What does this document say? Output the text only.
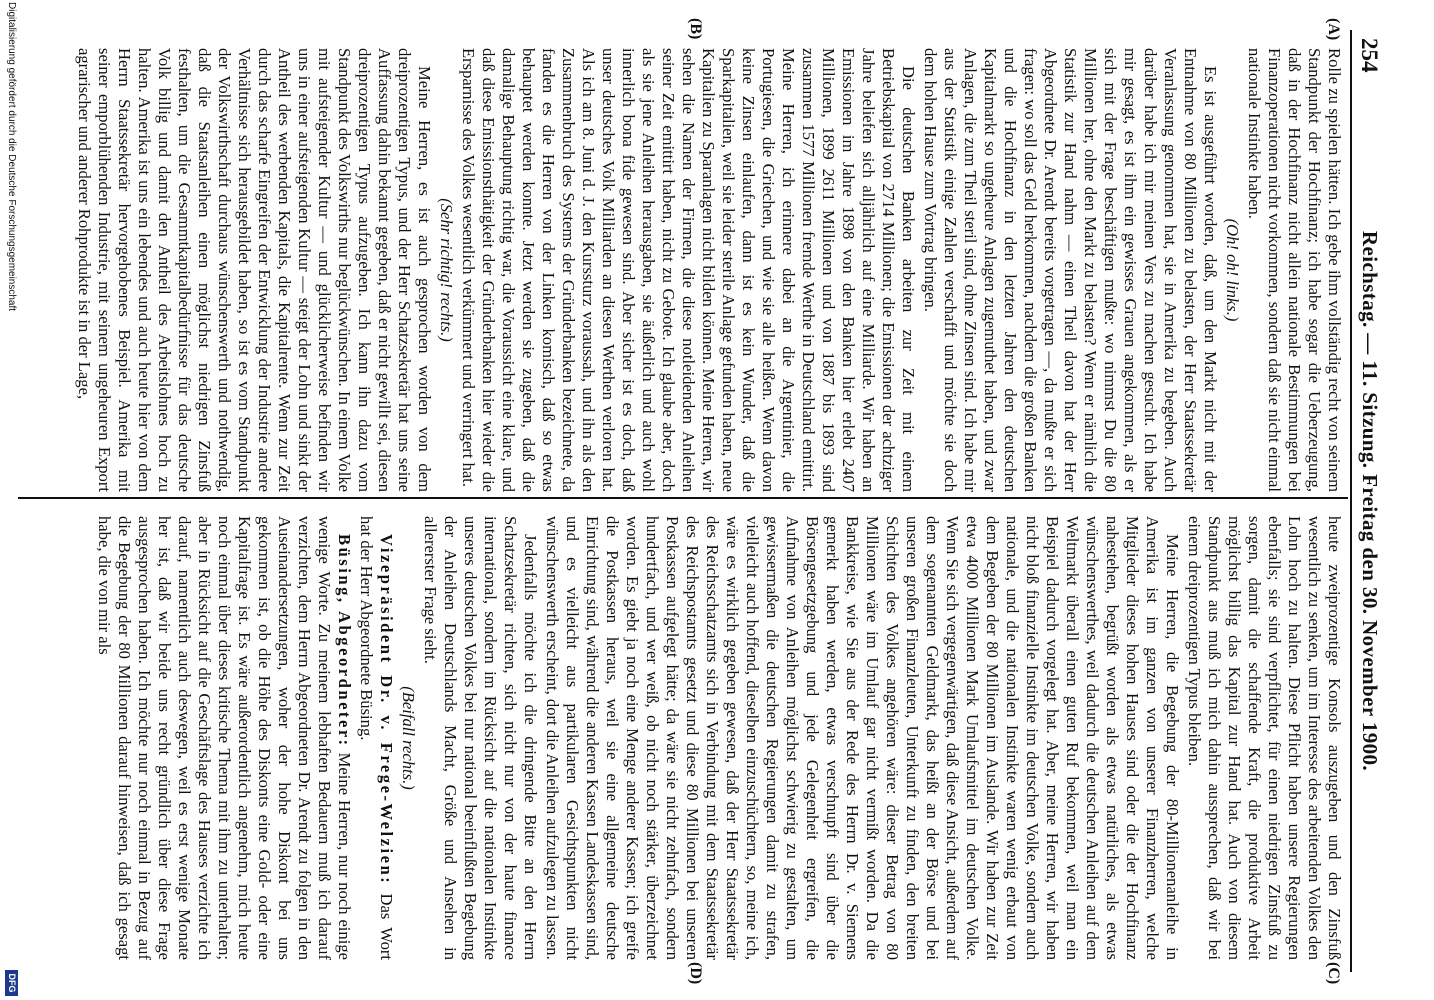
254
Reichstag. — 11. Sitzung. Freitag den 30. November 1900.
(A)
(B)
(C)
(D)

Rolle zu spielen hätten. Ich gebe ihm vollständig recht von seinem Standpunkt der Hochfinanz; ich habe sogar die Ueberzeugung, daß in der Hochfinanz nicht allein nationale Bestimmungen bei Finanzoperationen nicht vorkommen, sondern daß sie nicht einmal nationale Instinkte haben.

(Oh! oh! links.)

Es ist ausgeführt worden, daß, um den Markt nicht mit der Entnahme von 80 Millionen zu belasten, der Herr Staatssekretär Veranlassung genommen hat, sie in Amerika zu begeben. Auch darüber habe ich mir meinen Vers zu machen gesucht. Ich habe mir gesagt, es ist ihm ein gewisses Grauen angekommen, als er sich mit der Frage beschäftigen mußte: wo nimmst Du die 80 Millionen her, ohne den Markt zu belasten? Wenn er nämlich die Statistik zur Hand nahm — einen Theil davon hat der Herr Abgeordnete Dr. Arendt bereits vorgetragen —, da mußte er sich fragen: wo soll das Geld herkommen, nachdem die großen Banken und die Hochfinanz in den letzten Jahren den deutschen Kapitalmarkt so ungeheure Anlagen zugemuthet haben, und zwar Anlagen, die zum Theil steril sind, ohne Zinsen sind. Ich habe mir aus der Statistik einige Zahlen verschafft und möchte sie doch dem hohen Hause zum Vortrag bringen.

Die deutschen Banken arbeiten zur Zeit mit einem Betriebskapital von 2714 Millionen; die Emissionen der achtziger Jahre beliefen sich alljährlich auf eine Milliarde. Wir haben an Emissionen im Jahre 1898 von den Banken hier erlebt 2407 Millionen, 1899 2611 Millionen und von 1887 bis 1893 sind zusammen 1577 Millionen fremde Werthe in Deutschland emittirt. Meine Herren, ich erinnere dabei an die Argentinier, die Portugiesen, die Griechen, und wie sie alle heißen. Wenn davon keine Zinsen einlaufen, dann ist es kein Wunder, daß die Sparkapitalien, weil sie leider sterile Anlage gefunden haben, neue Kapitalien zu Sparanlagen nicht bilden können. Meine Herren, wir sehen die Namen der Firmen, die diese notleidenden Anleihen seiner Zeit emittirt haben, nicht zu Gebote. Ich glaube aber, doch als sie jene Anleihen herausgaben, sie äußerlich und auch wohl innerlich bona fide gewesen sind. Aber sicher ist es doch, daß unser deutsches Volk Milliarden an diesen Werthen verloren hat. Als ich am 8. Juni d. J. den Kurssturz voraussah, und ihn als den Zusammenbruch des Systems der Gründerbanken bezeichnete, da fanden es die Herren von der Linken komisch, daß so etwas behauptet werden konnte. Jetzt werden sie zugeben, daß die damalige Behauptung richtig war, die Voraussicht eine klare, und daß diese Emissionsthätigkeit der Gründerbanken hier wieder die Ersparnisse des Volkes wesentlich verkümmert und verringert hat.

(Sehr richtig! rechts.)

Meine Herren, es ist auch gesprochen worden von dem dreiprozentigen Typus, und der Herr Schatzsekretär hat uns seine Auffassung dahin bekannt gegeben, daß er nicht gewillt sei, diesen dreiprozentigen Typus aufzugeben. Ich kann ihn dazu vom Standpunkt des Volkswirths nur beglückwünschen. In einem Volke mit aufsteigender Kultur — und glücklicherweise befinden wir uns in einer aufsteigenden Kultur — steigt der Lohn und sinkt der Antheil des werbenden Kapitals, die Kapitalrente. Wenn zur Zeit durch das scharfe Eingreifen der Entwicklung der Industrie andere Verhältnisse sich herausgebildet haben, so ist es vom Standpunkt der Volkswirthschaft durchaus wünschenswerth und nothwendig, daß die Staatsanleihen einen möglichst niedrigen Zinsfuß festhalten, um die Gesammtkapitalbedürfnisse für das deutsche Volk billig und damit den Antheil des Arbeitslohnes hoch zu halten. Amerika ist uns ein lebendes und auch heute hier von dem Herrn Staatssekretär hervorgehobenes Beispiel. Amerika mit seiner emporblühenden Industrie, mit seinem ungeheuren Export agrarischer und anderer Rohprodukte ist in der Lage,

heute zweiprozentige Konsols auszugeben und den Zinsfuß wesentlich zu senken, um im Interesse des arbeitenden Volkes den Lohn hoch zu halten. Diese Pflicht haben unsere Regierungen ebenfalls; sie sind verpflichtet, für einen niedrigen Zinsfuß zu sorgen, damit die schaffende Kraft, die produktive Arbeit möglichst billig das Kapital zur Hand hat. Auch von diesem Standpunkt aus muß ich mich dahin aussprechen, daß wir bei einem dreiprozentigen Typus bleiben.

Meine Herren, die Begebung der 80-Millionenanleihe in Amerika ist im ganzen von unserer Finanzherren, welche Mitglieder dieses hohen Hauses sind oder die der Hochfinanz nahestehen, begrüßt worden als etwas natürliches, als etwas wünschenswerthes, weil dadurch die deutschen Anleihen auf dem Weltmarkt überall einen guten Ruf bekommen, weil man ein Beispiel dadurch vorgelegt hat. Aber, meine Herren, wir haben nicht bloß finanzielle Instinkte im deutschen Volke, sondern auch nationale, und die nationalen Instinkte waren wenig erbaut von dem Begeben der 80 Millionen im Auslande. Wir haben zur Zeit etwa 4000 Millionen Mark Umlaufsmittel im deutschen Volke. Wenn Sie sich vergegenwärtigen, daß diese Ansicht, außerdem auf dem sogenannten Geldmarkt, das heißt an der Börse und bei unseren großen Finanzleuten, Unterkunft zu finden, den breiten Schichten des Volkes angehören wäre: dieser Betrag von 80 Millionen wäre im Umlauf gar nicht vermißt worden. Da die Bankkreise, wie Sie aus der Rede des Herrn Dr. v. Siemens gemerkt haben werden, etwas verschnupft sind über die Börsengesetzgebung und jede Gelegenheit ergreifen, die Aufnahme von Anleihen möglichst schwierig zu gestalten, um gewissermaßen die deutschen Regierungen damit zu strafen, vielleicht auch hoffend, dieselben einzuschüchtern, so, meine ich, wäre es wirklich gegeben gewesen, daß der Herr Staatssekretär des Reichsschatzamts sich in Verbindung mit dem Staatssekretär des Reichspostamts gesetzt und diese 80 Millionen bei unseren Postkassen aufgelegt hätte; da wäre sie nicht zehnfach, sondern hundertfach, und wer weiß, ob nicht noch stärker, überzeichnet worden. Es giebt ja noch eine Menge anderer Kassen; ich greife die Postkassen heraus, weil sie eine allgemeine deutsche Einrichtung sind, während die anderen Kassen Landeskassen sind, und es vielleicht aus partikularen Gesichtspunkten nicht wünschenswerth erscheint, dort die Anleihen aufzulegen zu lassen.

Jedenfalls möchte ich die dringende Bitte an den Herrn Schatzsekretär richten, sich nicht nur von der haute finance international, sondern im Rücksicht auf die nationalen Instinkte unseres deutschen Volkes bei nur national beeinflußten Begebung der Anleihen Deutschlands Macht, Größe und Ansehen in allererster Frage sieht.

(Beifall rechts.)

Vizepräsident Dr. v. Frege-Welzien: Das Wort hat der Herr Abgeordnete Büsing.

Büsing, Abgeordneter: Meine Herren, nur noch einige wenige Worte. Zu meinem lebhaften Bedauern muß ich darauf verzichten, dem Herrn Abgeordneten Dr. Arendt zu folgen in den Auseinandersetzungen, woher der hohe Diskont bei uns gekommen ist, ob die Höhe des Diskonts eine Gold- oder eine Kapitalfrage ist. Es wäre außerordentlich angenehm, mich heute noch einmal über dieses kritische Thema mit ihm zu unterhalten; aber in Rücksicht auf die Geschäftslage des Hauses verzichte ich darauf, namentlich auch deswegen, weil es erst wenige Monate her ist, daß wir beide uns recht gründlich über diese Frage ausgesprochen haben. Ich möchte nur noch einmal in Bezug auf die Begebung der 80 Millionen darauf hinweisen, daß ich gesagt habe, die von mir als

Digitalisierung gefördert durch die Deutsche Forschungsgemeinschaft
DFG
